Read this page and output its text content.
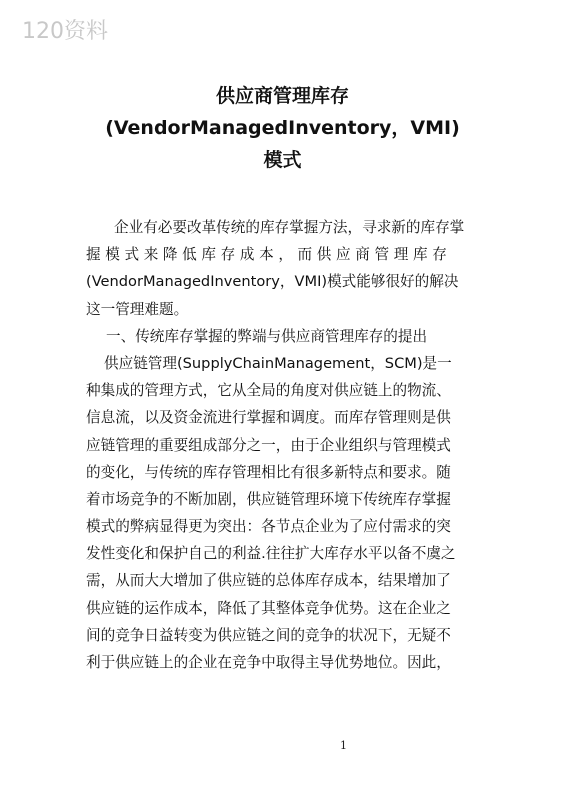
120资料
供应商管理库存
(VendorManagedInventory，VMI)
模式
企业有必要改革传统的库存掌握方法，寻求新的库存掌
握 模 式 来 降 低 库 存 成 本 ， 而 供 应 商 管 理 库 存
(VendorManagedInventory，VMI)模式能够很好的解决
这一管理难题。
一、传统库存掌握的弊端与供应商管理库存的提出
供应链管理(SupplyChainManagement，SCM)是一
种集成的管理方式，它从全局的角度对供应链上的物流、
信息流，以及资金流进行掌握和调度。而库存管理则是供
应链管理的重要组成部分之一，由于企业组织与管理模式
的变化，与传统的库存管理相比有很多新特点和要求。随
着市场竞争的不断加剧，供应链管理环境下传统库存掌握
模式的弊病显得更为突出：各节点企业为了应付需求的突
发性变化和保护自己的利益.往往扩大库存水平以备不虞之
需，从而大大增加了供应链的总体库存成本，结果增加了
供应链的运作成本，降低了其整体竞争优势。这在企业之
间的竞争日益转变为供应链之间的竞争的状况下，无疑不
利于供应链上的企业在竞争中取得主导优势地位。因此，
1
